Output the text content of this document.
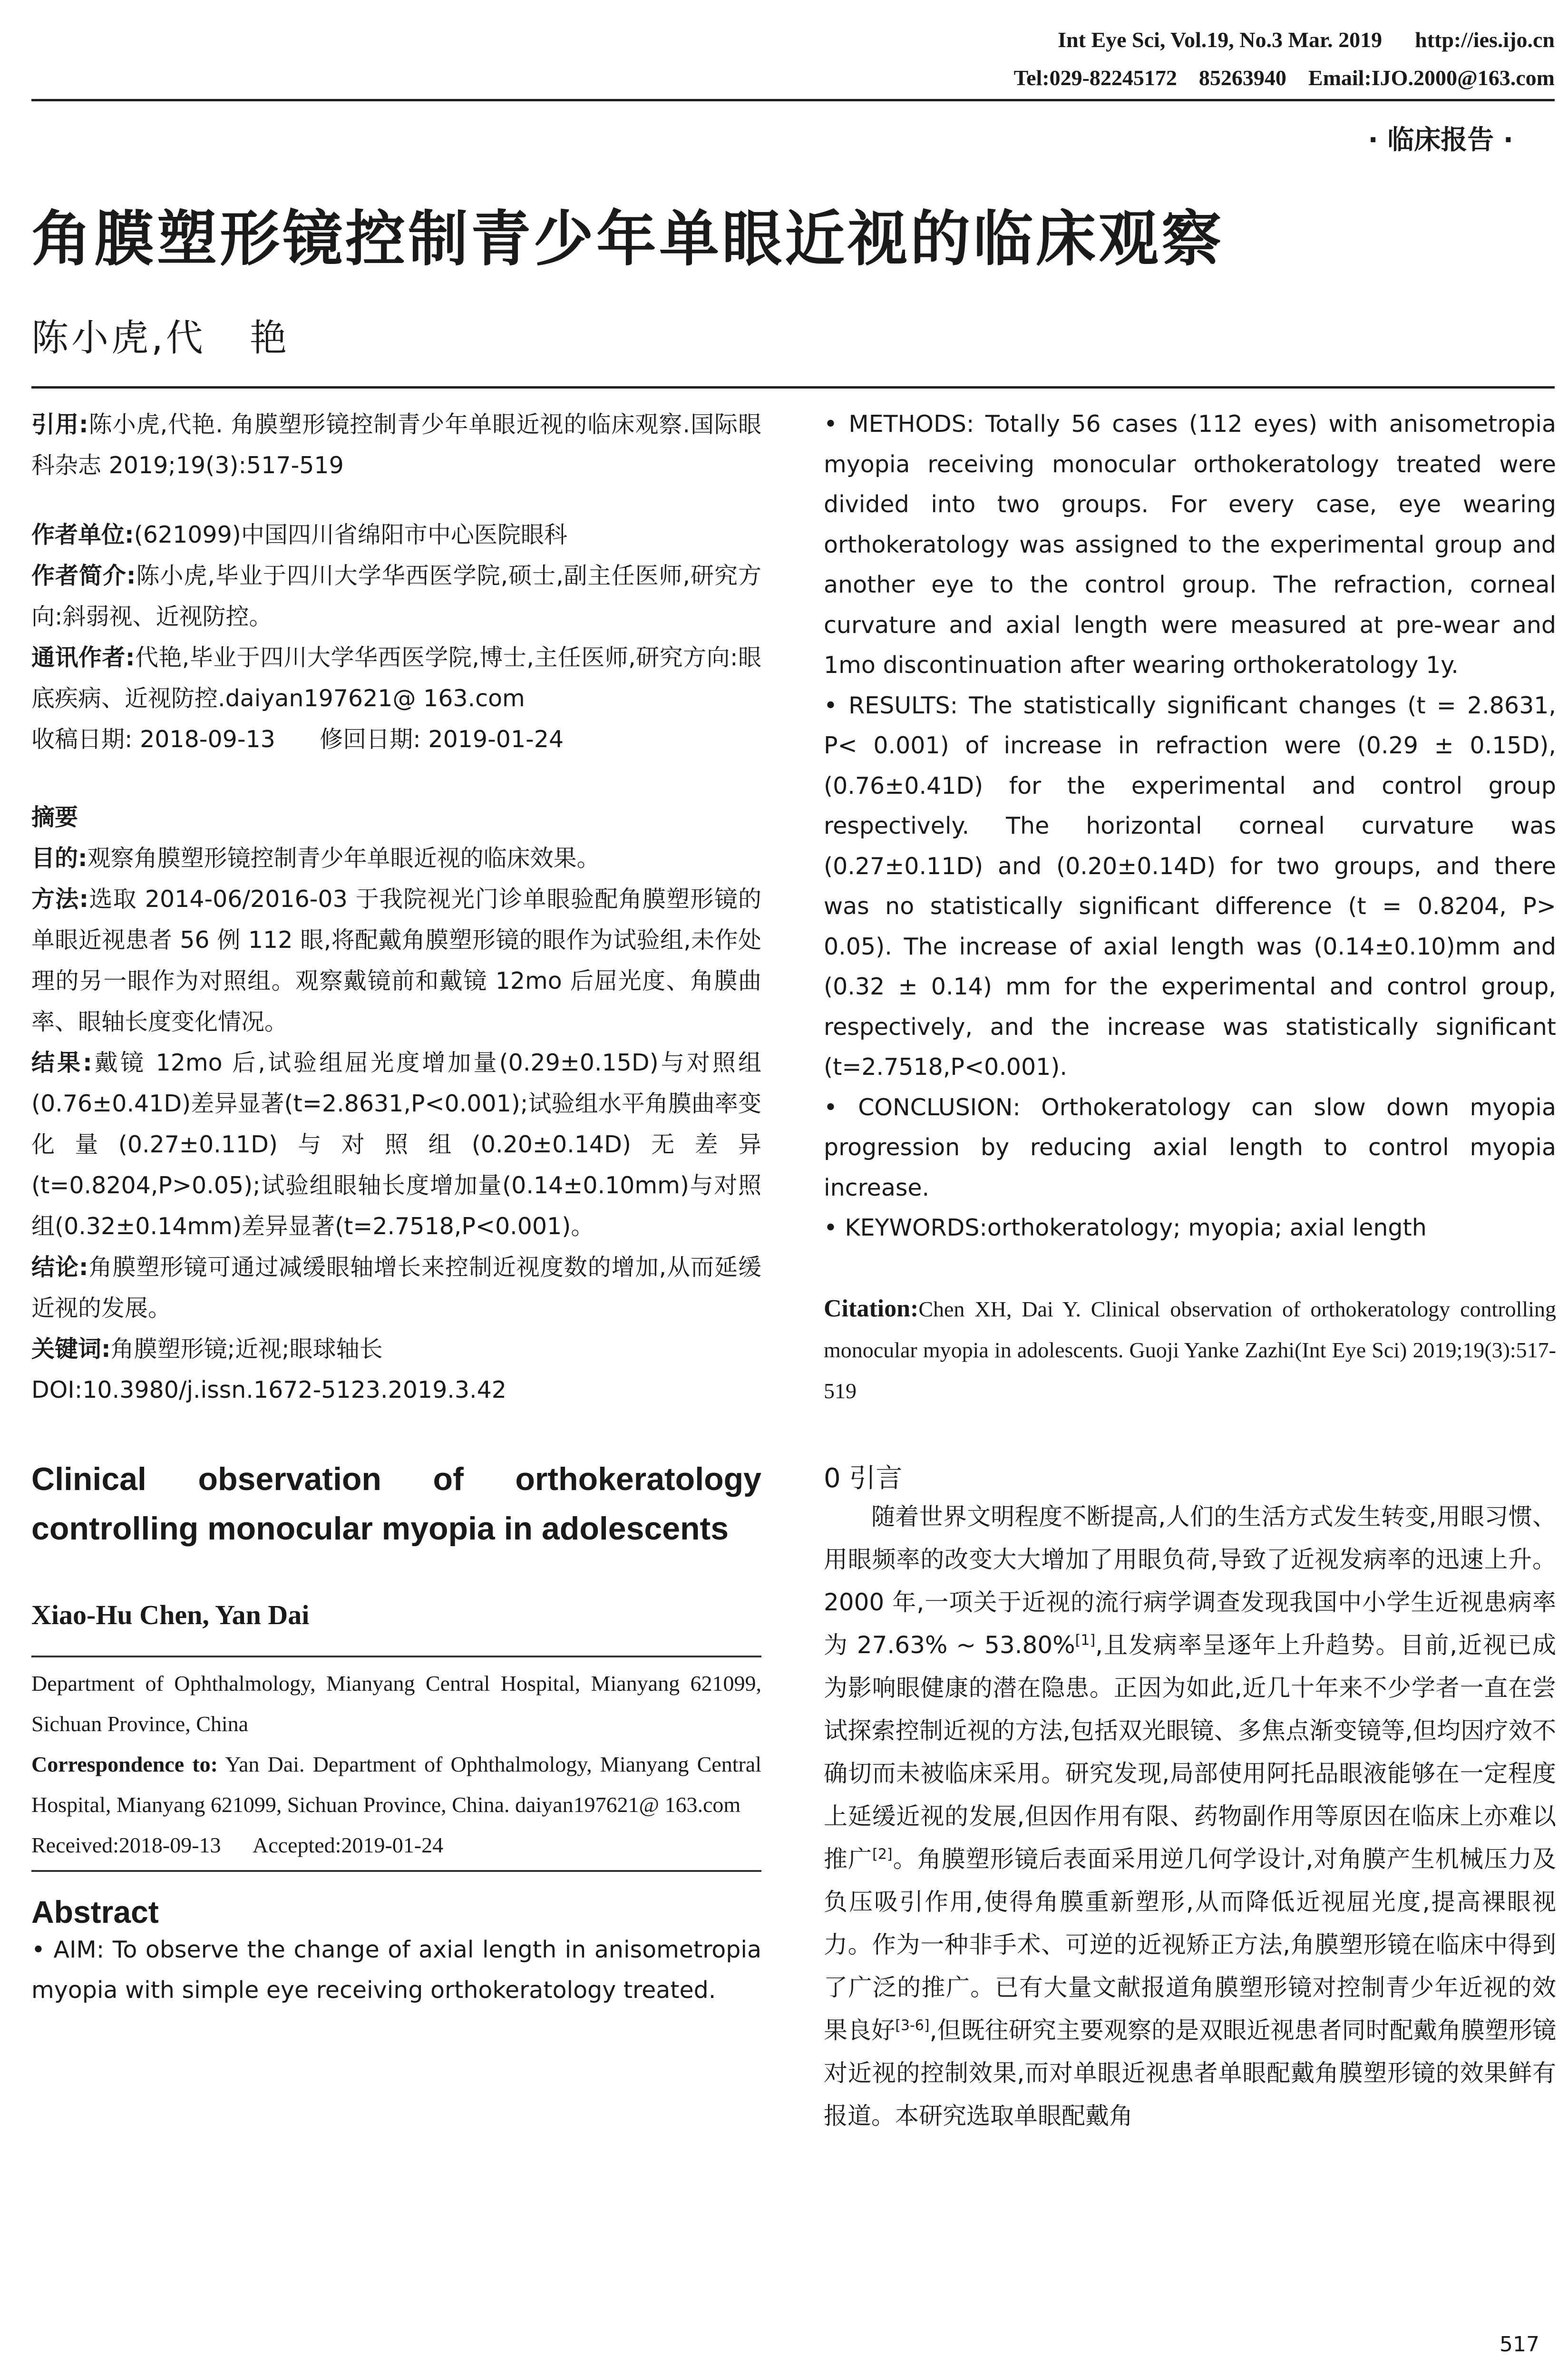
Int Eye Sci, Vol.19, No.3 Mar. 2019      http://ies.ijo.cn
Tel:029-82245172    85263940    Email:IJO.2000@163.com
· 临床报告 ·
角膜塑形镜控制青少年单眼近视的临床观察
陈小虎,代   艳

引用:陈小虎,代艳. 角膜塑形镜控制青少年单眼近视的临床观察.国际眼科杂志 2019;19(3):517-519

作者单位:(621099)中国四川省绵阳市中心医院眼科

作者简介:陈小虎,毕业于四川大学华西医学院,硕士,副主任医师,研究方向:斜弱视、近视防控。

通讯作者:代艳,毕业于四川大学华西医学院,博士,主任医师,研究方向:眼底疾病、近视防控.daiyan197621@ 163.com

收稿日期: 2018-09-13      修回日期: 2019-01-24

摘要

目的:观察角膜塑形镜控制青少年单眼近视的临床效果。

方法:选取 2014-06/2016-03 于我院视光门诊单眼验配角膜塑形镜的单眼近视患者 56 例 112 眼,将配戴角膜塑形镜的眼作为试验组,未作处理的另一眼作为对照组。观察戴镜前和戴镜 12mo 后屈光度、角膜曲率、眼轴长度变化情况。

结果:戴镜 12mo 后,试验组屈光度增加量(0.29±0.15D)与对照组(0.76±0.41D)差异显著(t=2.8631,P<0.001);试验组水平角膜曲率变化量(0.27±0.11D)与对照组(0.20±0.14D)无差异(t=0.8204,P>0.05);试验组眼轴长度增加量(0.14±0.10mm)与对照组(0.32±0.14mm)差异显著(t=2.7518,P<0.001)。

结论:角膜塑形镜可通过减缓眼轴增长来控制近视度数的增加,从而延缓近视的发展。

关键词:角膜塑形镜;近视;眼球轴长

DOI:10.3980/j.issn.1672-5123.2019.3.42

Clinical observation of orthokeratology controlling monocular myopia in adolescents

Xiao-Hu Chen, Yan Dai

Department of Ophthalmology, Mianyang Central Hospital, Mianyang 621099, Sichuan Province, China

Correspondence to: Yan Dai. Department of Ophthalmology, Mianyang Central Hospital, Mianyang 621099, Sichuan Province, China. daiyan197621@ 163.com

Received:2018-09-13      Accepted:2019-01-24

Abstract

• AIM: To observe the change of axial length in anisometropia myopia with simple eye receiving orthokeratology treated.

• METHODS: Totally 56 cases (112 eyes) with anisometropia myopia receiving monocular orthokeratology treated were divided into two groups. For every case, eye wearing orthokeratology was assigned to the experimental group and another eye to the control group. The refraction, corneal curvature and axial length were measured at pre-wear and 1mo discontinuation after wearing orthokeratology 1y.

• RESULTS: The statistically significant changes (t = 2.8631, P< 0.001) of increase in refraction were (0.29 ± 0.15D), (0.76±0.41D) for the experimental and control group respectively. The horizontal corneal curvature was (0.27±0.11D) and (0.20±0.14D) for two groups, and there was no statistically significant difference (t = 0.8204, P> 0.05). The increase of axial length was (0.14±0.10)mm and (0.32 ± 0.14) mm for the experimental and control group, respectively, and the increase was statistically significant (t=2.7518,P<0.001).

• CONCLUSION: Orthokeratology can slow down myopia progression by reducing axial length to control myopia increase.

• KEYWORDS:orthokeratology; myopia; axial length

Citation:Chen XH, Dai Y. Clinical observation of orthokeratology controlling monocular myopia in adolescents. Guoji Yanke Zazhi(Int Eye Sci) 2019;19(3):517-519

0 引言

随着世界文明程度不断提高,人们的生活方式发生转变,用眼习惯、用眼频率的改变大大增加了用眼负荷,导致了近视发病率的迅速上升。2000 年,一项关于近视的流行病学调查发现我国中小学生近视患病率为 27.63% ~ 53.80%[1],且发病率呈逐年上升趋势。目前,近视已成为影响眼健康的潜在隐患。正因为如此,近几十年来不少学者一直在尝试探索控制近视的方法,包括双光眼镜、多焦点渐变镜等,但均因疗效不确切而未被临床采用。研究发现,局部使用阿托品眼液能够在一定程度上延缓近视的发展,但因作用有限、药物副作用等原因在临床上亦难以推广[2]。角膜塑形镜后表面采用逆几何学设计,对角膜产生机械压力及负压吸引作用,使得角膜重新塑形,从而降低近视屈光度,提高裸眼视力。作为一种非手术、可逆的近视矫正方法,角膜塑形镜在临床中得到了广泛的推广。已有大量文献报道角膜塑形镜对控制青少年近视的效果良好[3-6],但既往研究主要观察的是双眼近视患者同时配戴角膜塑形镜对近视的控制效果,而对单眼近视患者单眼配戴角膜塑形镜的效果鲜有报道。本研究选取单眼配戴角

517
